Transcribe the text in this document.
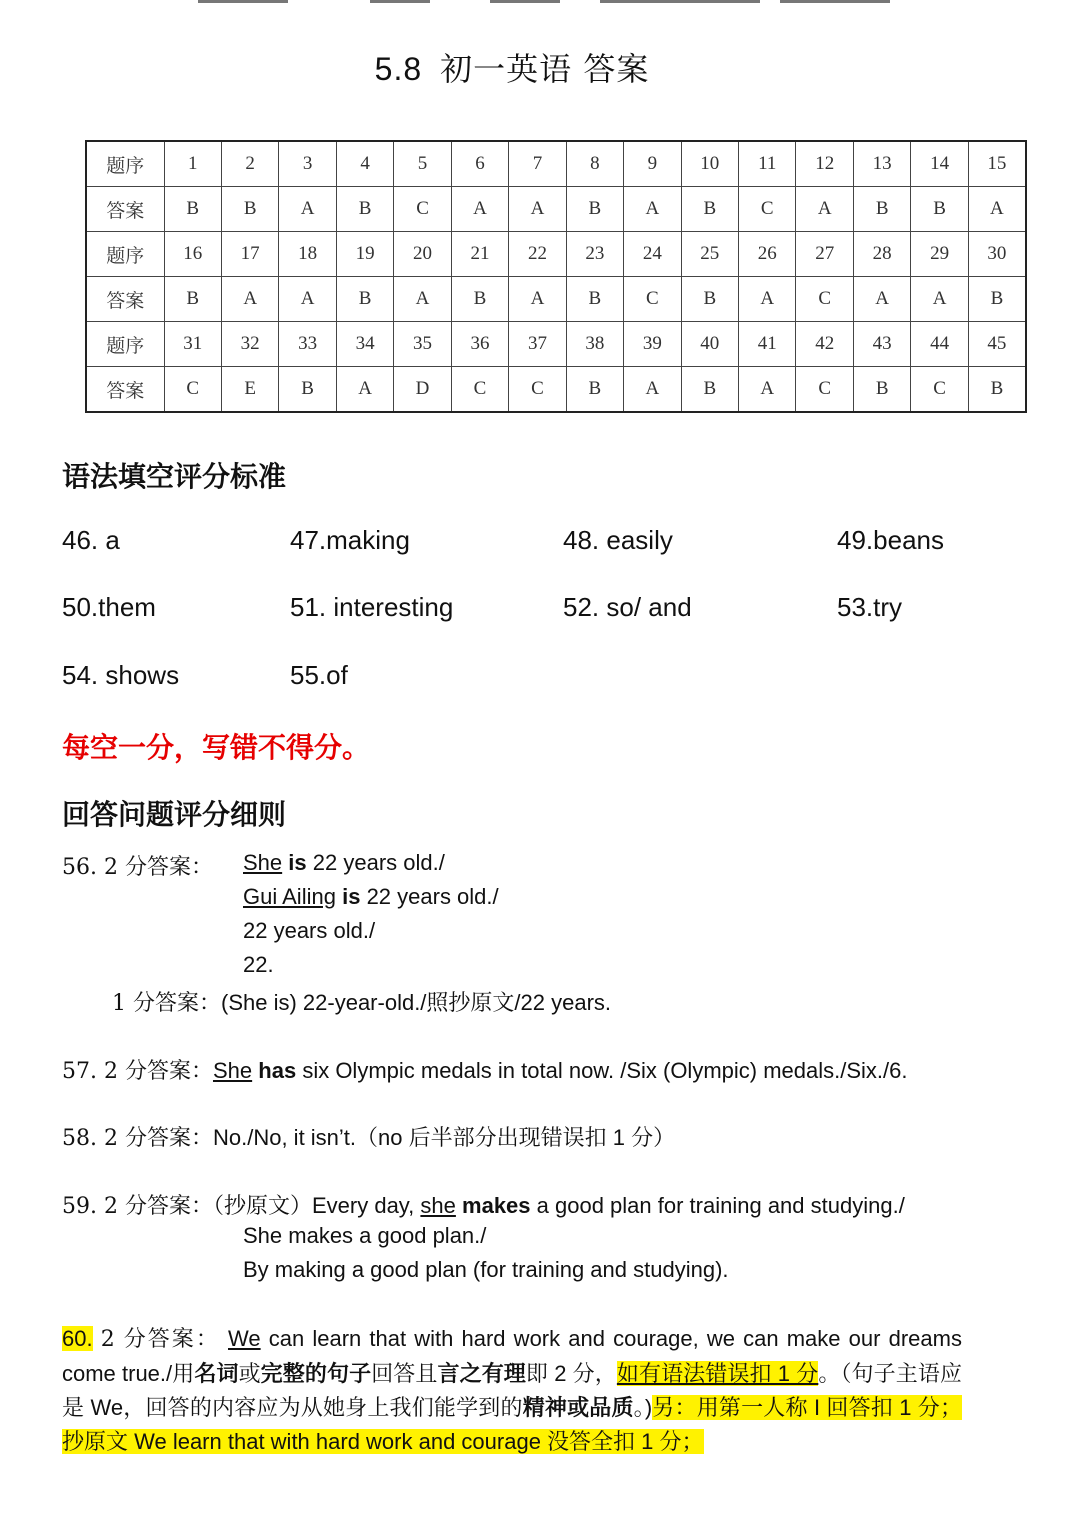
5.8 初一英语 答案
题序	1	2	3	4	5	6	7	8	9	10	11	12	13	14	15
答案	B	B	A	B	C	A	A	B	A	B	C	A	B	B	A
题序	16	17	18	19	20	21	22	23	24	25	26	27	28	29	30
答案	B	A	A	B	A	B	A	B	C	B	A	C	A	A	B
题序	31	32	33	34	35	36	37	38	39	40	41	42	43	44	45
答案	C	E	B	A	D	C	C	B	A	B	A	C	B	C	B
语法填空评分标准
46. a	47.making	48. easily	49.beans
50.them	51. interesting	52. so/ and	53.try
54. shows	55.of
每空一分，写错不得分。
回答问题评分细则
56. 2 分答案： She is 22 years old./
Gui Ailing is 22 years old./
22 years old./
22.
1 分答案：(She is) 22-year-old./照抄原文/22 years.
57. 2 分答案：She has six Olympic medals in total now. /Six (Olympic) medals./Six./6.
58. 2 分答案：No./No, it isn’t.（no 后半部分出现错误扣 1 分）
59. 2 分答案：（抄原文）Every day, she makes a good plan for training and studying./
She makes a good plan./
By making a good plan (for training and studying).
60. 2 分答案： We can learn that with hard work and courage, we can make our dreams come true./用名词或完整的句子回答且言之有理即 2 分，如有语法错误扣 1 分。（句子主语应是 We，回答的内容应为从她身上我们能学到的精神或品质。)另：用第一人称 I 回答扣 1 分；抄原文 We learn that with hard work and courage 没答全扣 1 分；
